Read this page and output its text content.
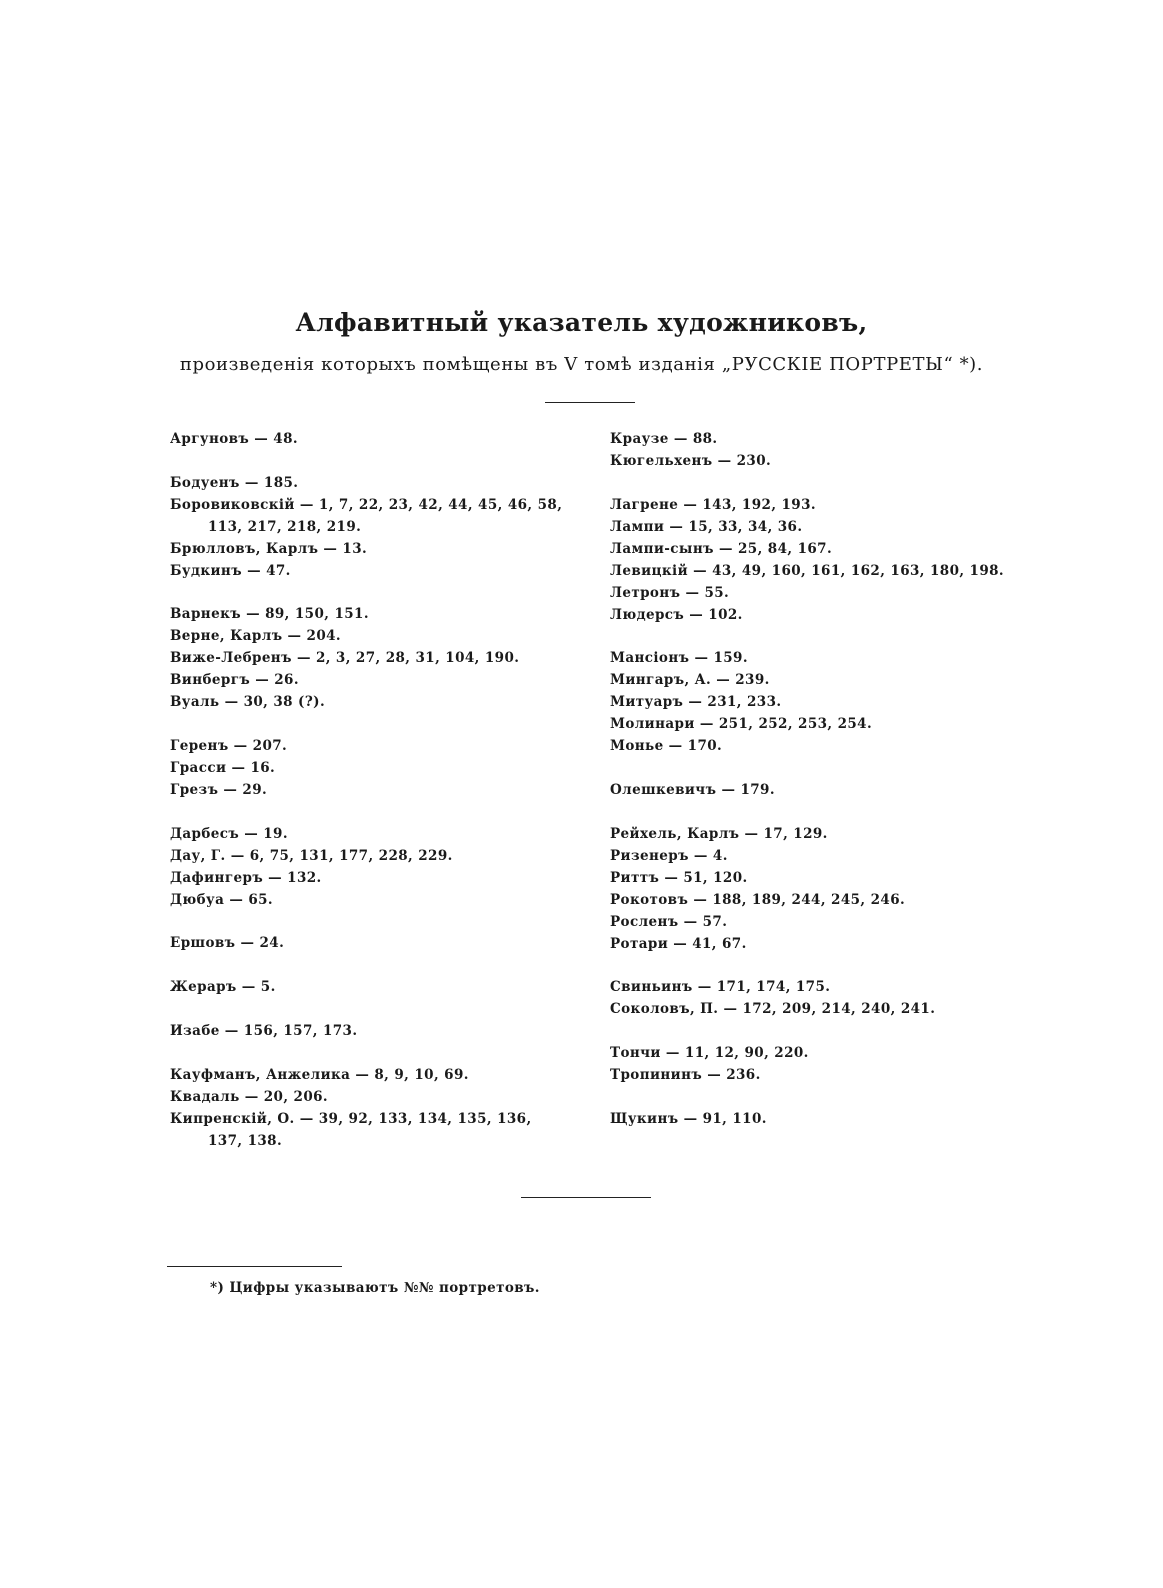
Алфавитный указатель художниковъ,
произведенія которыхъ помѣщены въ V томѣ изданія „РУССКІЕ ПОРТРЕТЫ“ *).
Аргуновъ — 48.
Бодуенъ — 185.
Боровиковскій — 1, 7, 22, 23, 42, 44, 45, 46, 58,
113, 217, 218, 219.
Брюлловъ, Карлъ — 13.
Будкинъ — 47.
Варнекъ — 89, 150, 151.
Верне, Карлъ — 204.
Виже-Лебренъ — 2, 3, 27, 28, 31, 104, 190.
Винбергъ — 26.
Вуаль — 30, 38 (?).
Геренъ — 207.
Грасси — 16.
Грезъ — 29.
Дарбесъ — 19.
Дау, Г. — 6, 75, 131, 177, 228, 229.
Дафингеръ — 132.
Дюбуа — 65.
Ершовъ — 24.
Жераръ — 5.
Изабе — 156, 157, 173.
Кауфманъ, Анжелика — 8, 9, 10, 69.
Квадаль — 20, 206.
Кипренскій, О. — 39, 92, 133, 134, 135, 136,
137, 138.
Краузе — 88.
Кюгельхенъ — 230.
Лагрене — 143, 192, 193.
Лампи — 15, 33, 34, 36.
Лампи-сынъ — 25, 84, 167.
Левицкій — 43, 49, 160, 161, 162, 163, 180, 198.
Летронъ — 55.
Людерсъ — 102.
Мансіонъ — 159.
Мингаръ, А. — 239.
Митуаръ — 231, 233.
Молинари — 251, 252, 253, 254.
Монье — 170.
Олешкевичъ — 179.
Рейхель, Карлъ — 17, 129.
Ризенеръ — 4.
Риттъ — 51, 120.
Рокотовъ — 188, 189, 244, 245, 246.
Росленъ — 57.
Ротари — 41, 67.
Свиньинъ — 171, 174, 175.
Соколовъ, П. — 172, 209, 214, 240, 241.
Тончи — 11, 12, 90, 220.
Тропининъ — 236.
Щукинъ — 91, 110.
*) Цифры указываютъ №№ портретовъ.
